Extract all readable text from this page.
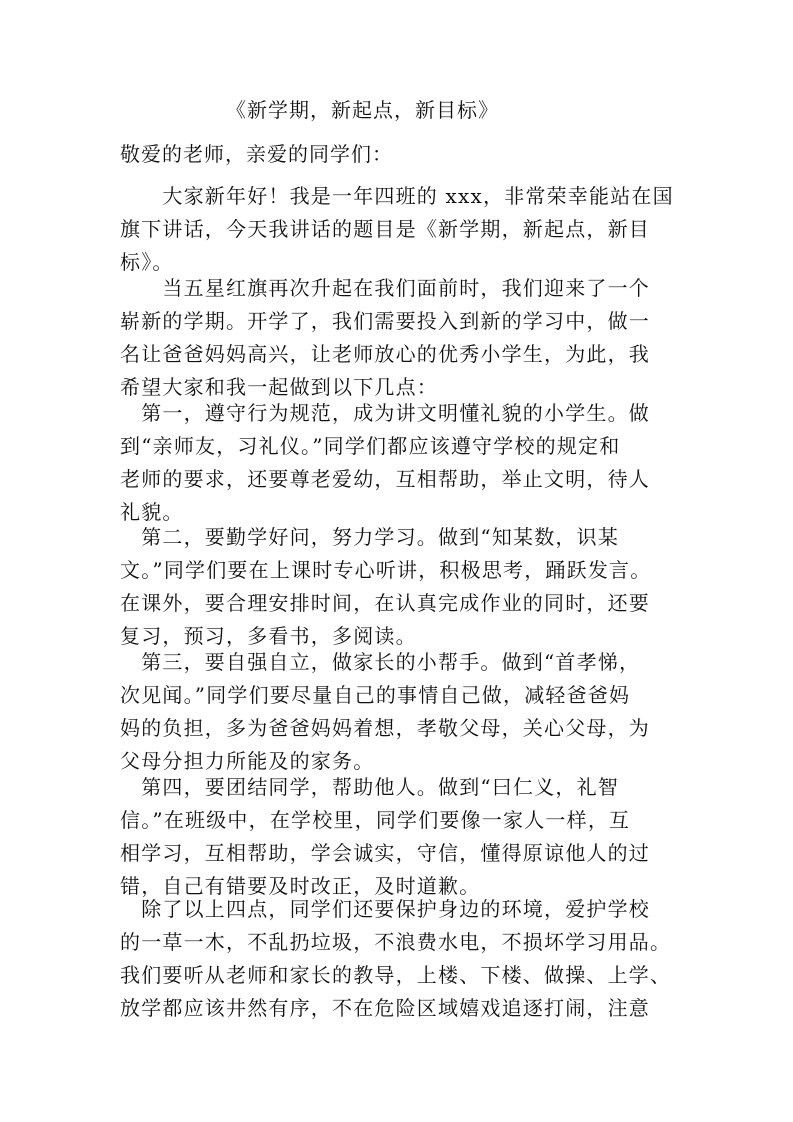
《新学期，新起点，新目标》
敬爱的老师，亲爱的同学们：
　　大家新年好！我是一年四班的 xxx，非常荣幸能站在国
旗下讲话，今天我讲话的题目是《新学期，新起点，新目
标》。
　　当五星红旗再次升起在我们面前时，我们迎来了一个
崭新的学期。开学了，我们需要投入到新的学习中，做一
名让爸爸妈妈高兴，让老师放心的优秀小学生，为此，我
希望大家和我一起做到以下几点：
　第一，遵守行为规范，成为讲文明懂礼貌的小学生。做
到“亲师友，习礼仪。”同学们都应该遵守学校的规定和
老师的要求，还要尊老爱幼，互相帮助，举止文明，待人
礼貌。
　第二，要勤学好问，努力学习。做到“知某数，识某
文。”同学们要在上课时专心听讲，积极思考，踊跃发言。
在课外，要合理安排时间，在认真完成作业的同时，还要
复习，预习，多看书，多阅读。
　第三，要自强自立，做家长的小帮手。做到“首孝悌，
次见闻。”同学们要尽量自己的事情自己做，减轻爸爸妈
妈的负担，多为爸爸妈妈着想，孝敬父母，关心父母，为
父母分担力所能及的家务。
　第四，要团结同学，帮助他人。做到“曰仁义，礼智
信。”在班级中，在学校里，同学们要像一家人一样，互
相学习，互相帮助，学会诚实，守信，懂得原谅他人的过
错，自己有错要及时改正，及时道歉。
　除了以上四点，同学们还要保护身边的环境，爱护学校
的一草一木，不乱扔垃圾，不浪费水电，不损坏学习用品。
我们要听从老师和家长的教导，上楼、下楼、做操、上学、
放学都应该井然有序，不在危险区域嬉戏追逐打闹，注意
